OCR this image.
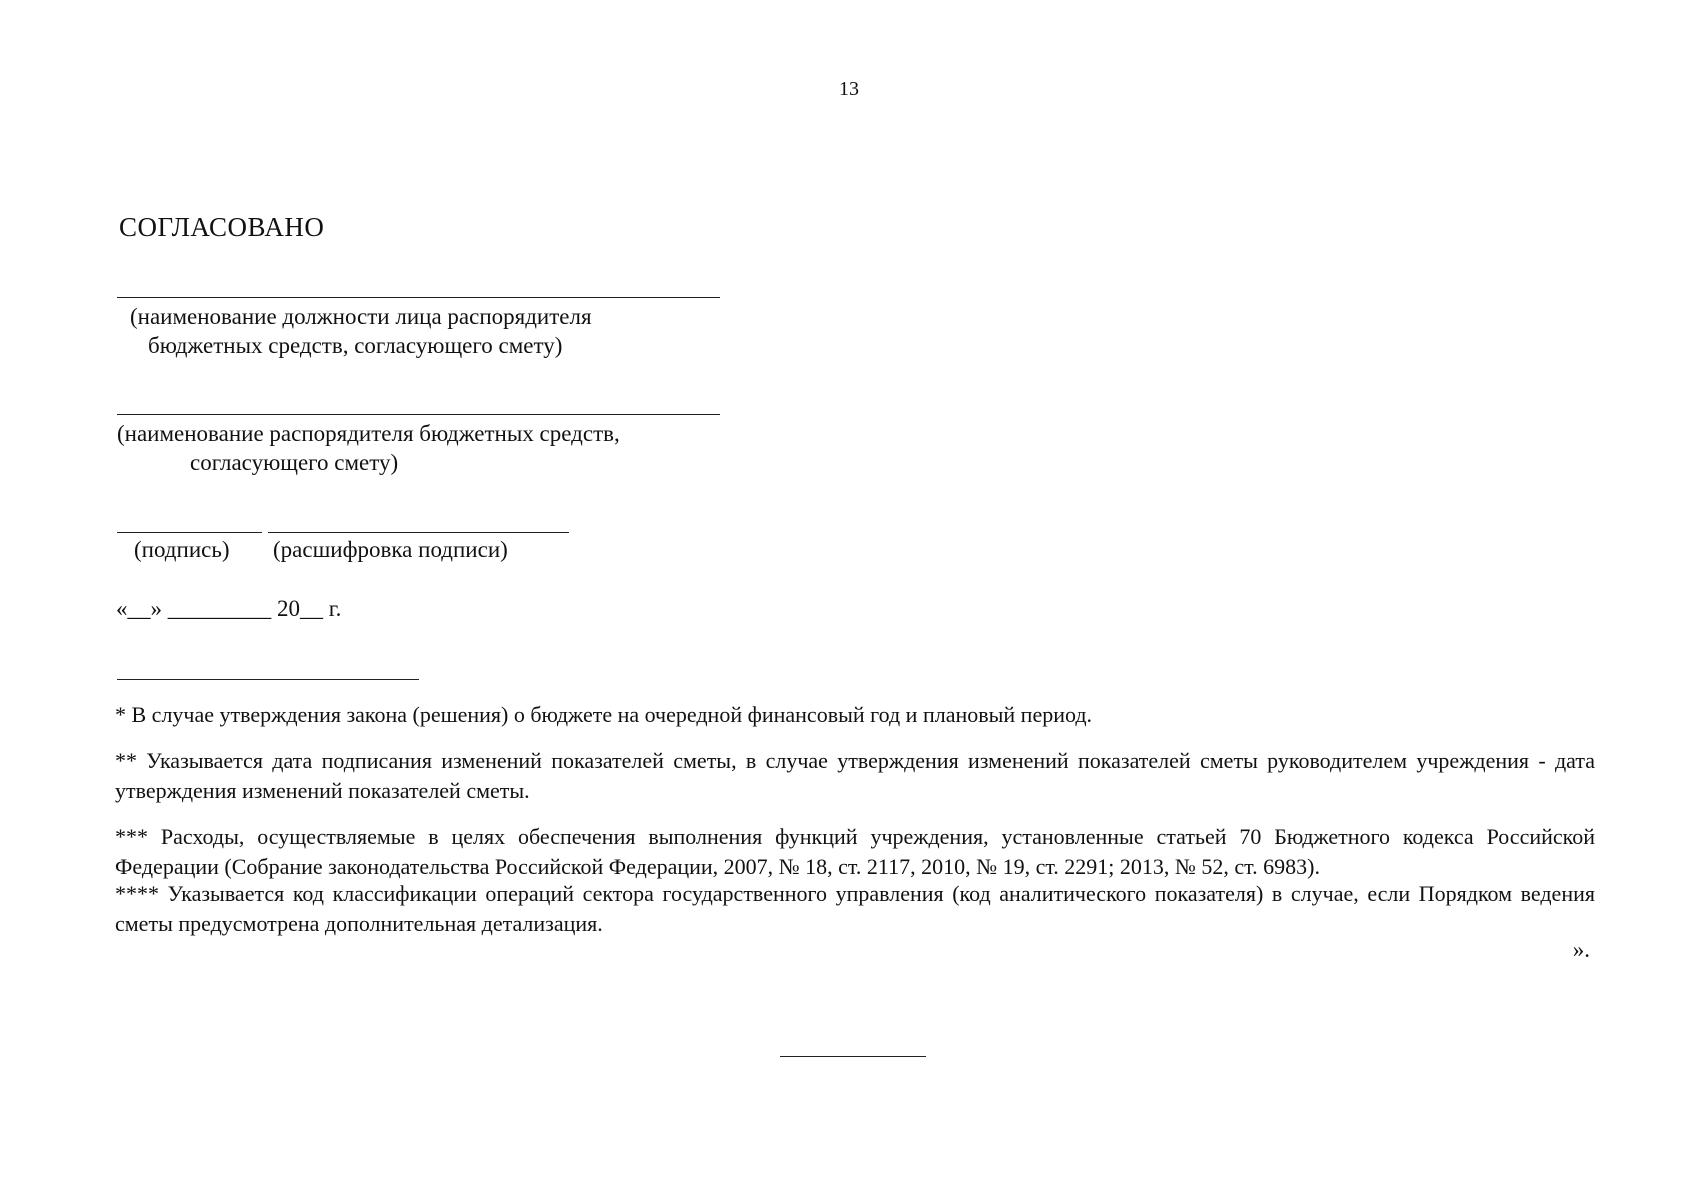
13
СОГЛАСОВАНО
(наименование должности лица распорядителя
бюджетных средств, согласующего смету)
(наименование распорядителя бюджетных средств,
согласующего смету)
(подпись) (расшифровка подписи)
«__» _________ 20__ г.
* В случае утверждения закона (решения) о бюджете на очередной финансовый год и плановый период.
** Указывается дата подписания изменений показателей сметы, в случае утверждения изменений показателей сметы руководителем учреждения - дата утверждения изменений показателей сметы.
*** Расходы, осуществляемые в целях обеспечения выполнения функций учреждения, установленные статьей 70 Бюджетного кодекса Российской Федерации (Собрание законодательства Российской Федерации, 2007, № 18, ст. 2117, 2010, № 19, ст. 2291; 2013, № 52, ст. 6983).
**** Указывается код классификации операций сектора государственного управления (код аналитического показателя) в случае, если Порядком ведения сметы предусмотрена дополнительная детализация.
».
